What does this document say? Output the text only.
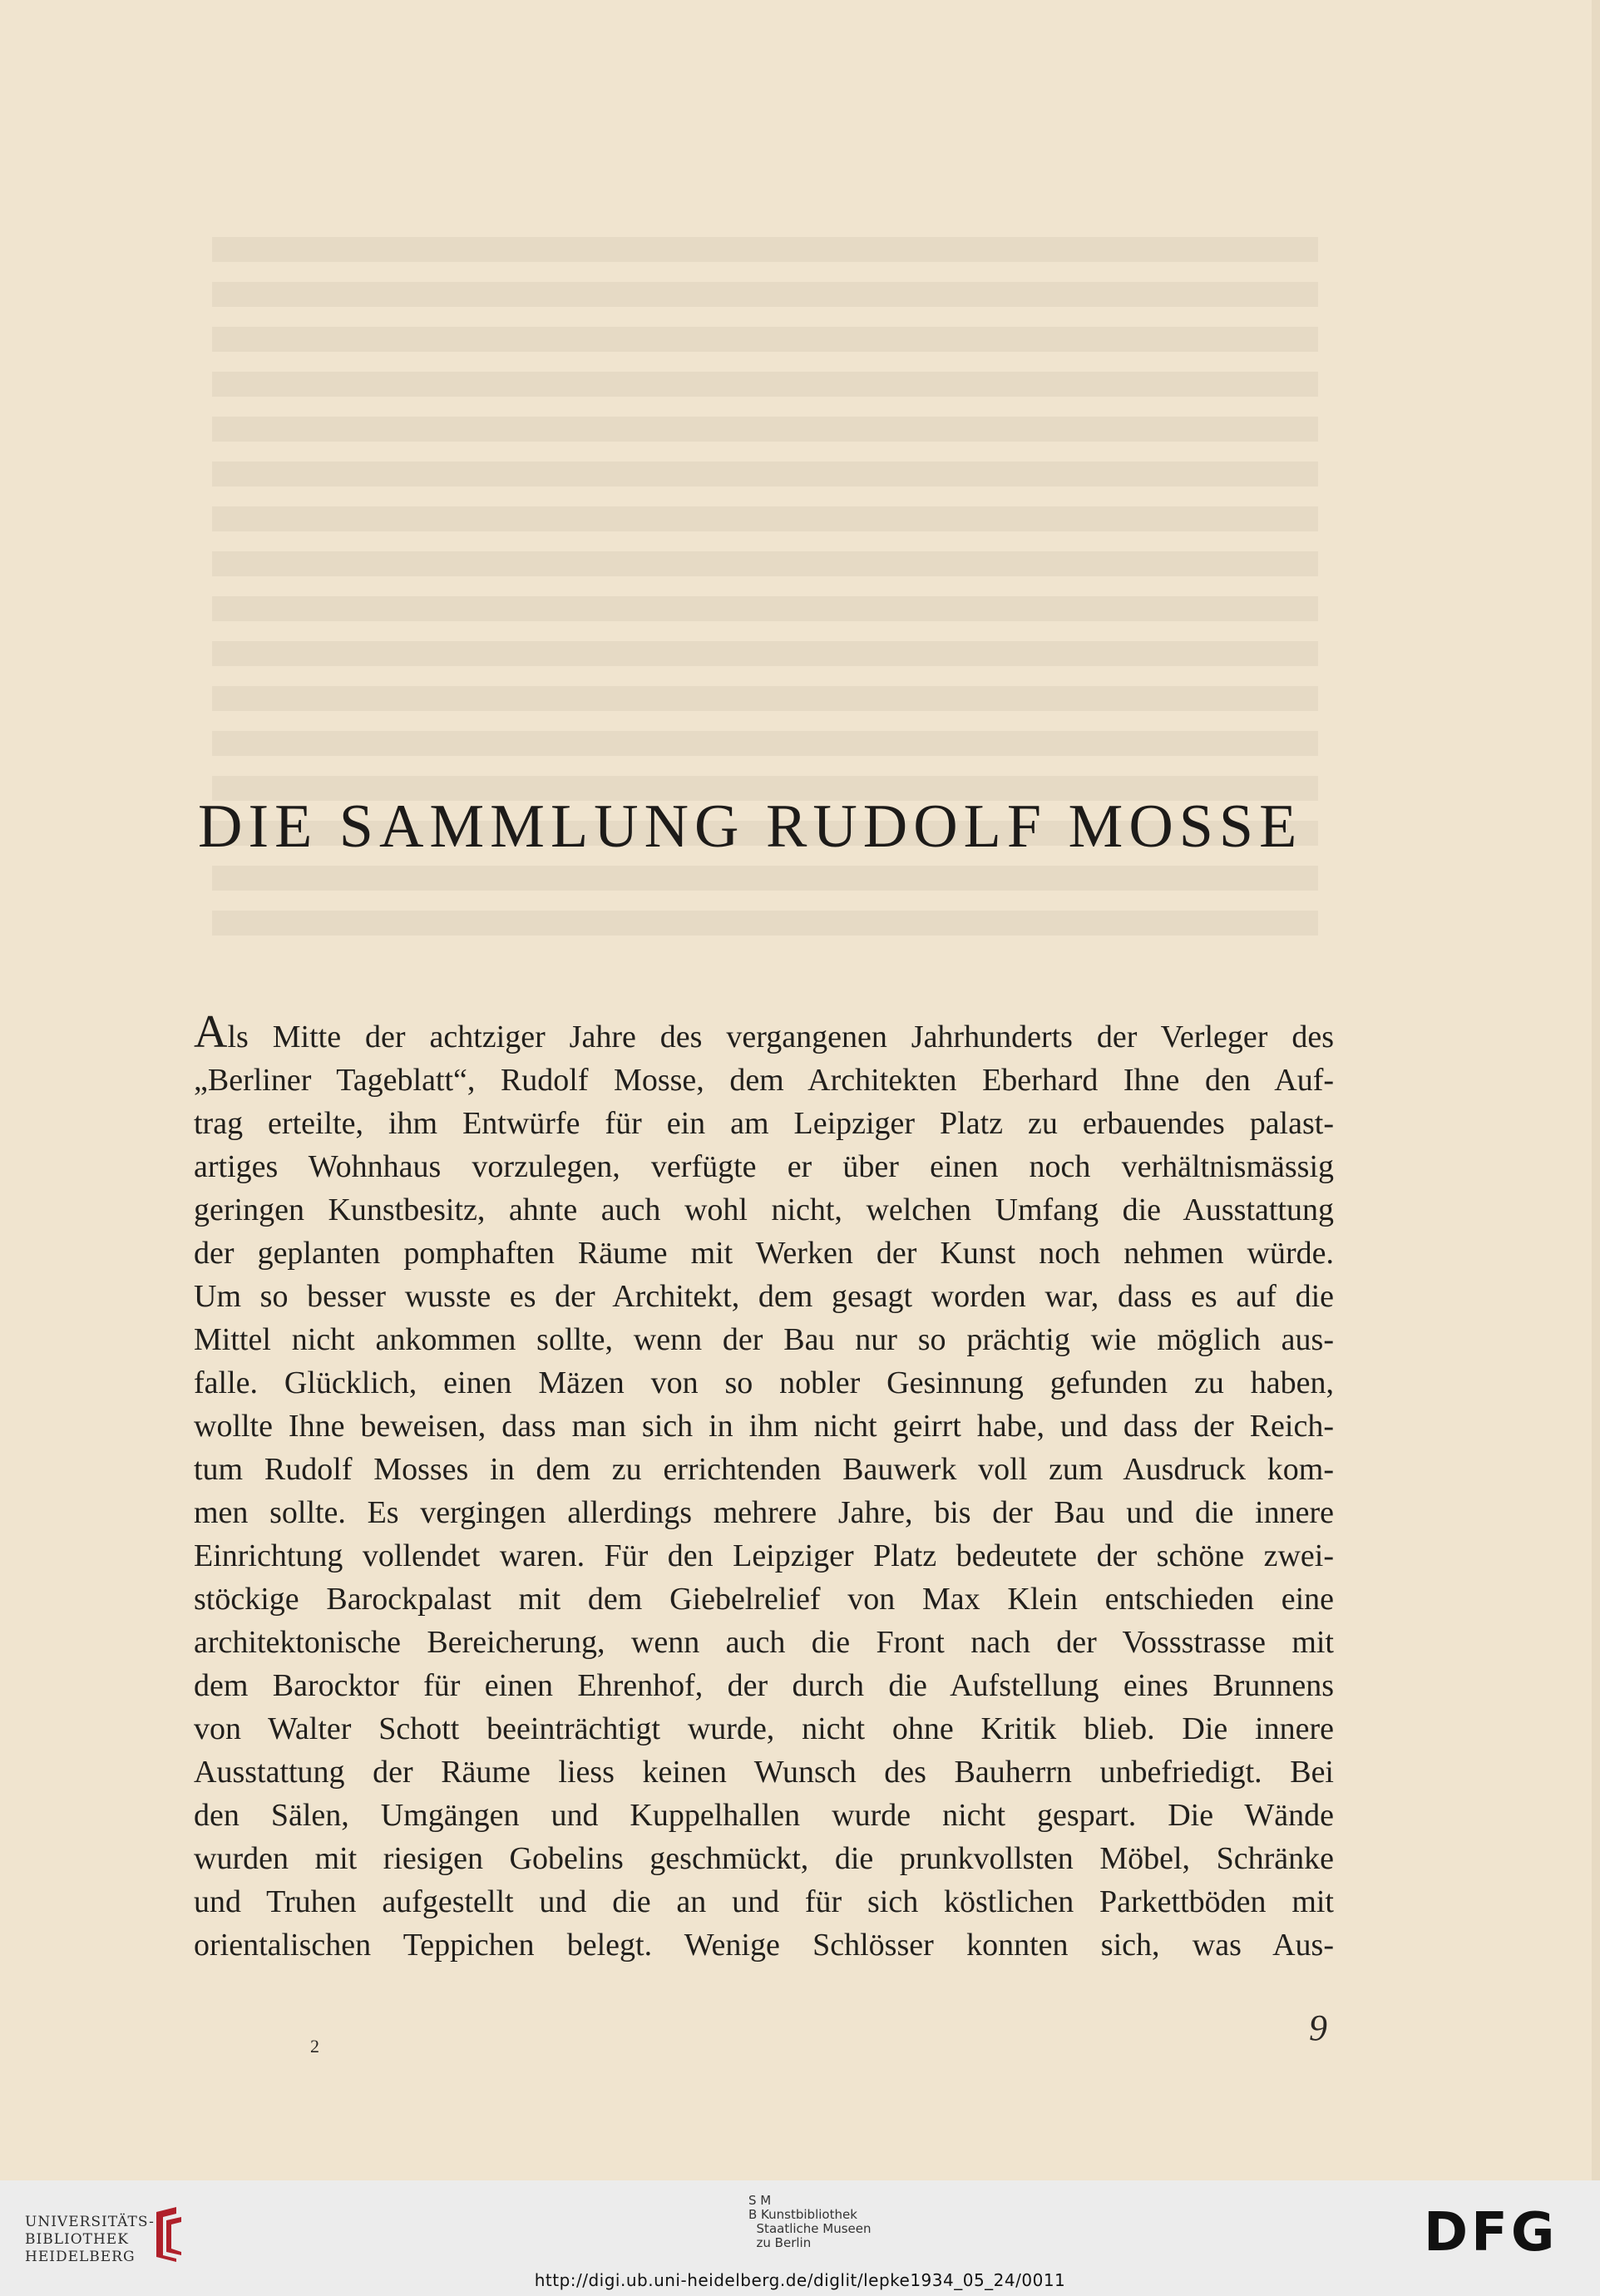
DIE SAMMLUNG RUDOLF MOSSE
Als Mitte der achtziger Jahre des vergangenen Jahrhunderts der Verleger des
„Berliner Tageblatt“, Rudolf Mosse, dem Architekten Eberhard Ihne den Auf-
trag erteilte, ihm Entwürfe für ein am Leipziger Platz zu erbauendes palast-
artiges Wohnhaus vorzulegen, verfügte er über einen noch verhältnismässig
geringen Kunstbesitz, ahnte auch wohl nicht, welchen Umfang die Ausstattung
der geplanten pomphaften Räume mit Werken der Kunst noch nehmen würde.
Um so besser wusste es der Architekt, dem gesagt worden war, dass es auf die
Mittel nicht ankommen sollte, wenn der Bau nur so prächtig wie möglich aus-
falle. Glücklich, einen Mäzen von so nobler Gesinnung gefunden zu haben,
wollte Ihne beweisen, dass man sich in ihm nicht geirrt habe, und dass der Reich-
tum Rudolf Mosses in dem zu errichtenden Bauwerk voll zum Ausdruck kom-
men sollte. Es vergingen allerdings mehrere Jahre, bis der Bau und die innere
Einrichtung vollendet waren. Für den Leipziger Platz bedeutete der schöne zwei-
stöckige Barockpalast mit dem Giebelrelief von Max Klein entschieden eine
architektonische Bereicherung, wenn auch die Front nach der Vossstrasse mit
dem Barocktor für einen Ehrenhof, der durch die Aufstellung eines Brunnens
von Walter Schott beeinträchtigt wurde, nicht ohne Kritik blieb. Die innere
Ausstattung der Räume liess keinen Wunsch des Bauherrn unbefriedigt. Bei
den Sälen, Umgängen und Kuppelhallen wurde nicht gespart. Die Wände
wurden mit riesigen Gobelins geschmückt, die prunkvollsten Möbel, Schränke
und Truhen aufgestellt und die an und für sich köstlichen Parkettböden mit
orientalischen Teppichen belegt. Wenige Schlösser konnten sich, was Aus-
2	9
UNIVERSITÄTS-
BIBLIOTHEK
HEIDELBERG
S M
B Kunstbibliothek
Staatliche Museen
zu Berlin	DFG
http://digi.ub.uni-heidelberg.de/diglit/lepke1934_05_24/0011
